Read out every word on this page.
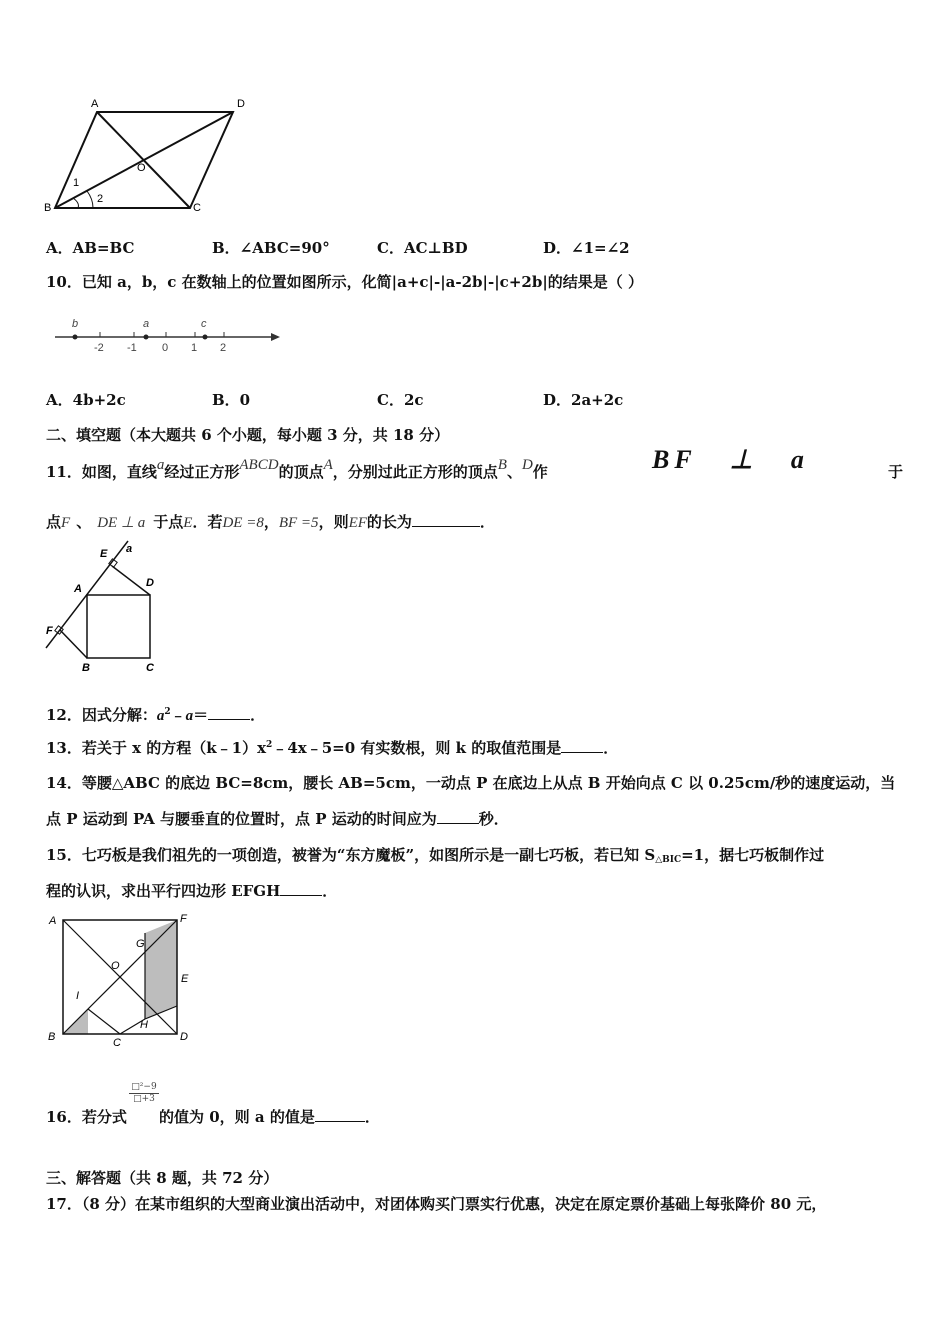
A	D
B	C
O
1
2
A．AB=BC	B．∠ABC=90°	C．AC⊥BD	D．∠1=∠2
10．已知 a，b，c 在数轴上的位置如图所示，化简|a+c|-|a-2b|-|c+2b|的结果是（ ）
b	a	c
-2 -1 0 1 2
A．4b+2c	B．0	C．2c	D．2a+2c
二、填空题（本大题共 6 个小题，每小题 3 分，共 18 分）
11．如图，直线a经过正方形ABCD的顶点A，分别过此正方形的顶点B、D作	BF ⊥ a	于
点F 、 DE ⊥ a 于点E．若DE =8，BF =5，则EF的长为	．
E a
A	D
F
B	C
12．因式分解：$a^2﹣a=$	．
13．若关于 x 的方程$(k﹣1)x^2﹣4x﹣5=0$ 有实数根，则 k 的取值范围是	．
14．等腰△ABC 的底边 BC=8cm，腰长 AB=5cm，一动点 P 在底边上从点 B 开始向点 C 以 0.25cm/秒的速度运动，当
点 P 运动到 PA 与腰垂直的位置时，点 P 运动的时间应为	秒．
15．七巧板是我们祖先的一项创造，被誉为“东方魔板”，如图所示是一副七巧板，若已知 $S_{\triangle BIC}=1$，据七巧板制作过
程的认识，求出平行四边形 EFGH	．
A	F
G
O
E
I
H
B	C	D
$\frac{\text{□²−9}}{□+3}$
16．若分式 的值为 0，则 a 的值是	．
三、解答题（共 8 题，共 72 分）
17．（8 分）在某市组织的大型商业演出活动中，对团体购买门票实行优惠，决定在原定票价基础上每张降价 80 元，
